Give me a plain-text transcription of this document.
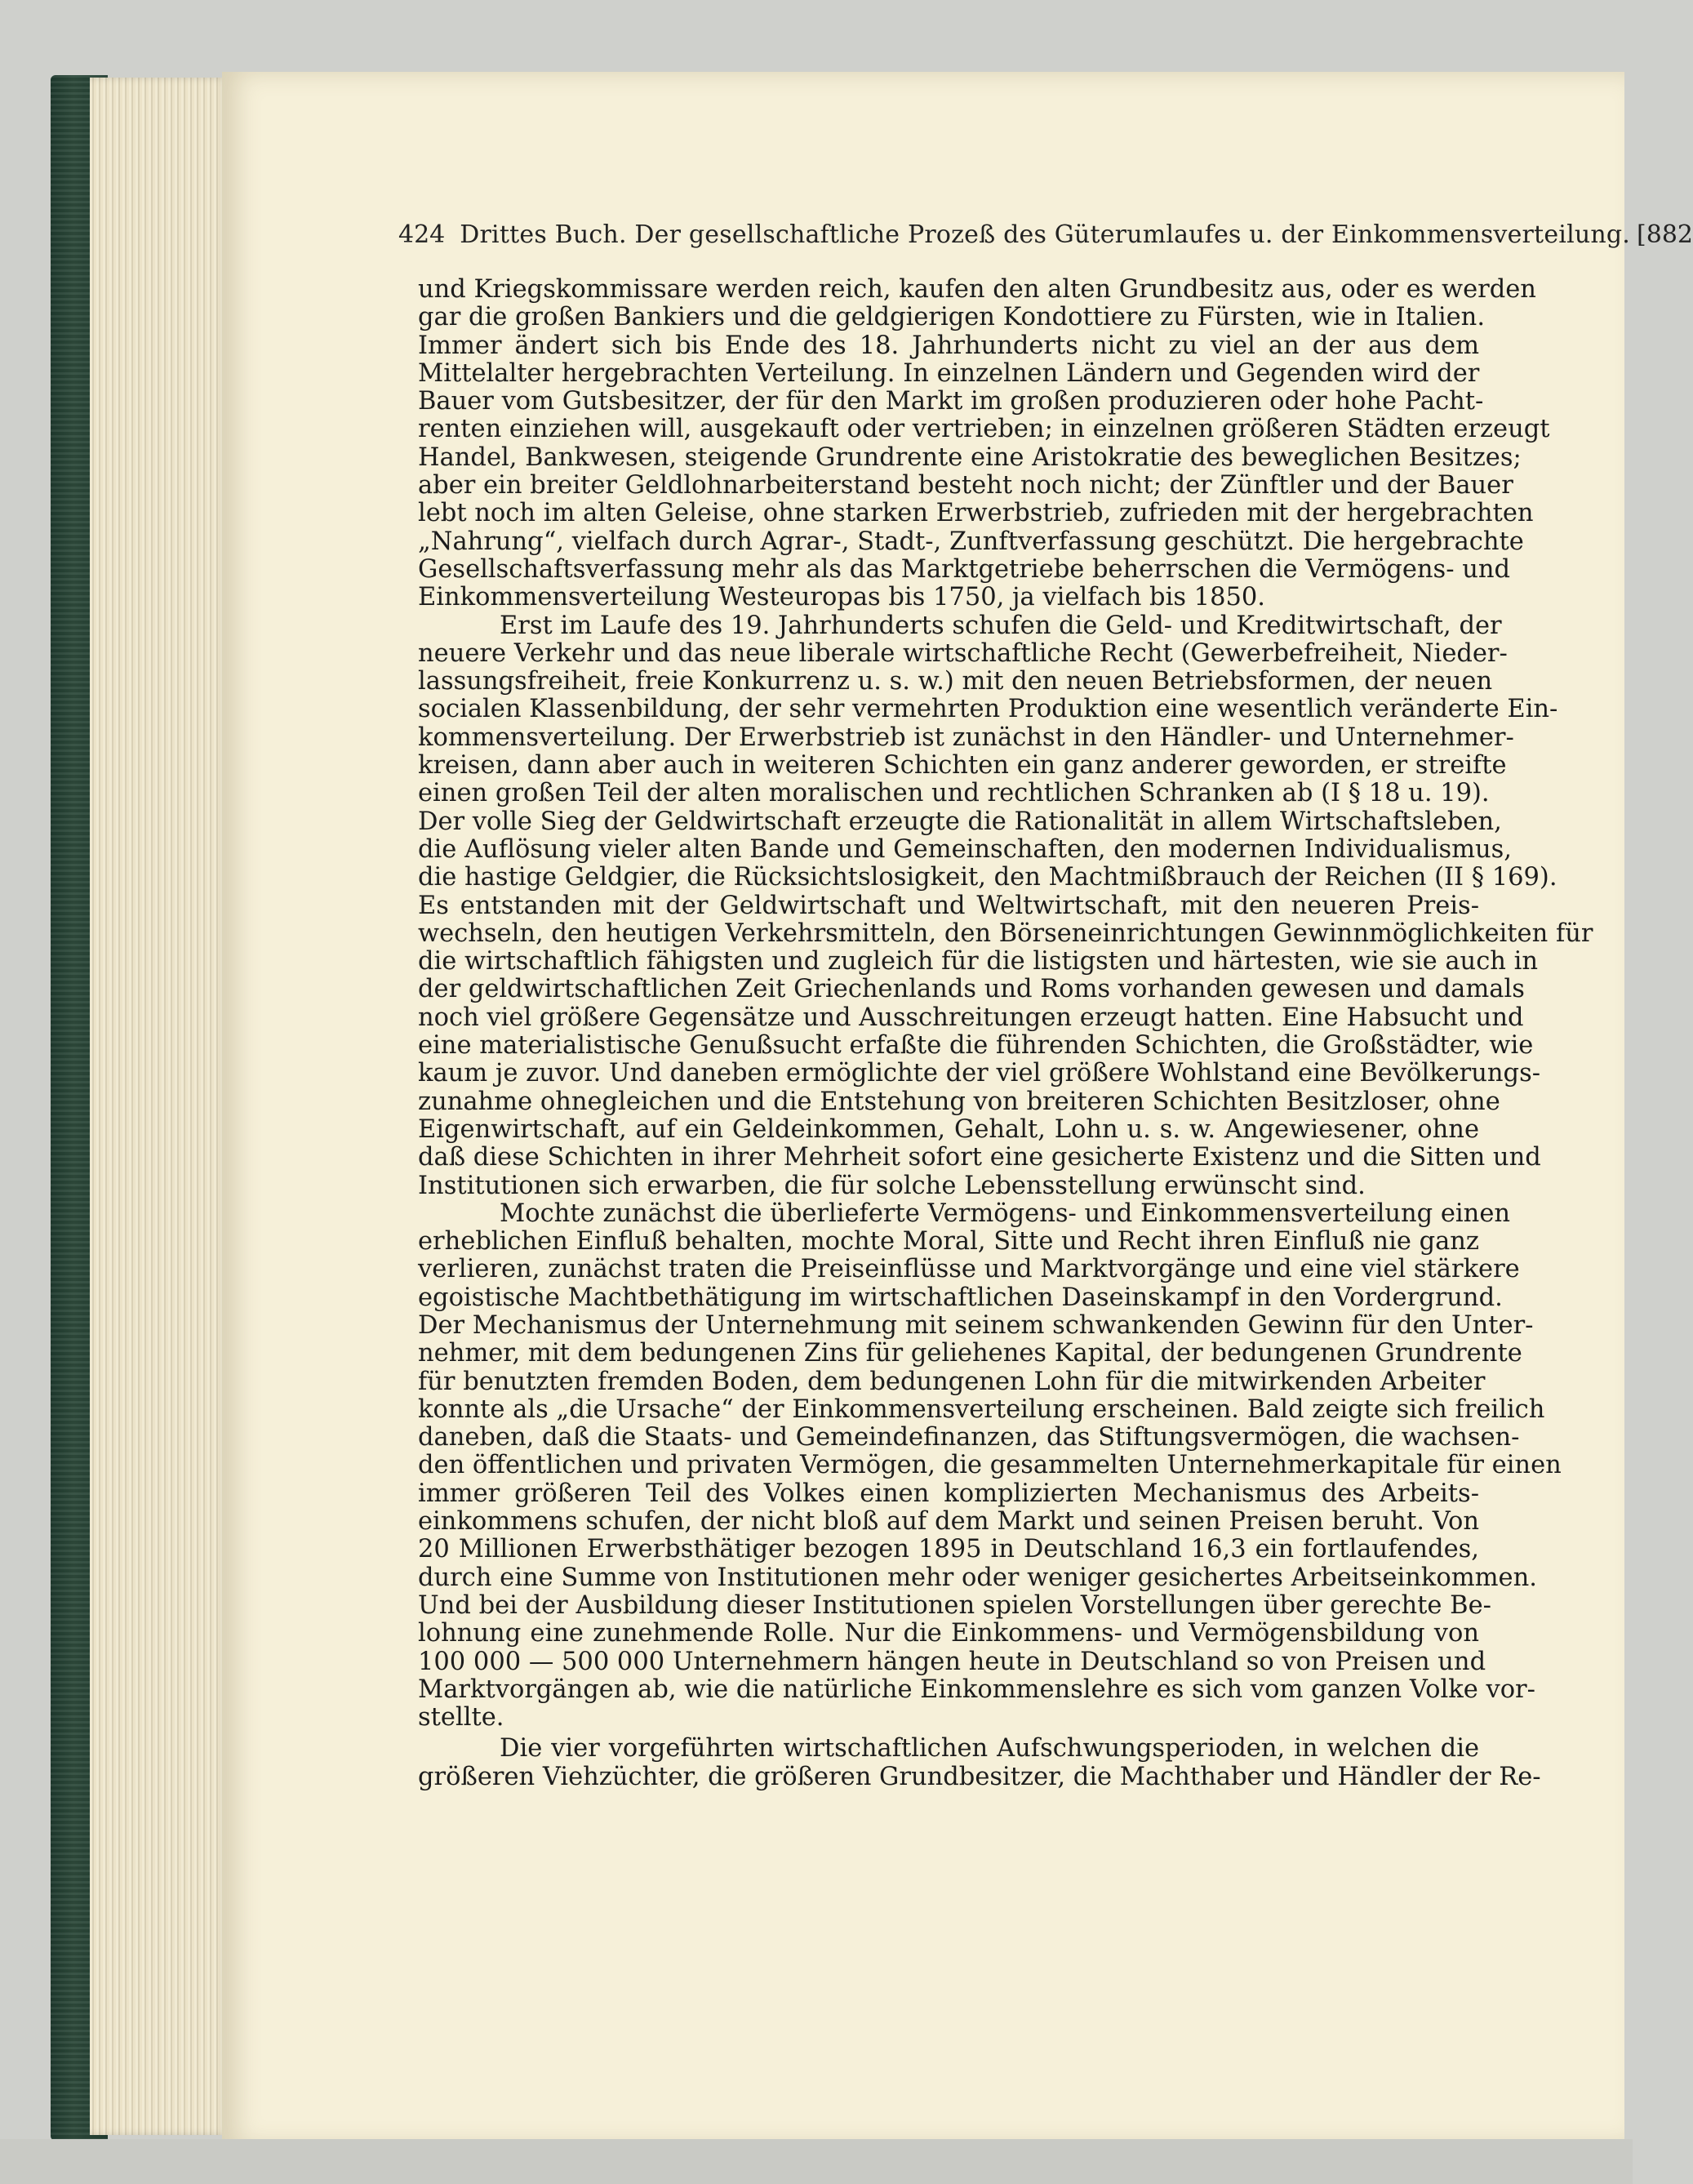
424 Drittes Buch. Der gesellschaftliche Prozeß des Güterumlaufes u. der Einkommensverteilung. [882
und Kriegskommissare werden reich, kaufen den alten Grundbesitz aus, oder es werden
gar die großen Bankiers und die geldgierigen Kondottiere zu Fürsten, wie in Italien.
Immer ändert sich bis Ende des 18. Jahrhunderts nicht zu viel an der aus dem
Mittelalter hergebrachten Verteilung. In einzelnen Ländern und Gegenden wird der
Bauer vom Gutsbesitzer, der für den Markt im großen produzieren oder hohe Pacht-
renten einziehen will, ausgekauft oder vertrieben; in einzelnen größeren Städten erzeugt
Handel, Bankwesen, steigende Grundrente eine Aristokratie des beweglichen Besitzes;
aber ein breiter Geldlohnarbeiterstand besteht noch nicht; der Zünftler und der Bauer
lebt noch im alten Geleise, ohne starken Erwerbstrieb, zufrieden mit der hergebrachten
„Nahrung“, vielfach durch Agrar-, Stadt-, Zunftverfassung geschützt. Die hergebrachte
Gesellschaftsverfassung mehr als das Marktgetriebe beherrschen die Vermögens- und
Einkommensverteilung Westeuropas bis 1750, ja vielfach bis 1850.
Erst im Laufe des 19. Jahrhunderts schufen die Geld- und Kreditwirtschaft, der
neuere Verkehr und das neue liberale wirtschaftliche Recht (Gewerbefreiheit, Nieder-
lassungsfreiheit, freie Konkurrenz u. s. w.) mit den neuen Betriebsformen, der neuen
socialen Klassenbildung, der sehr vermehrten Produktion eine wesentlich veränderte Ein-
kommensverteilung. Der Erwerbstrieb ist zunächst in den Händler- und Unternehmer-
kreisen, dann aber auch in weiteren Schichten ein ganz anderer geworden, er streifte
einen großen Teil der alten moralischen und rechtlichen Schranken ab (I § 18 u. 19).
Der volle Sieg der Geldwirtschaft erzeugte die Rationalität in allem Wirtschaftsleben,
die Auflösung vieler alten Bande und Gemeinschaften, den modernen Individualismus,
die hastige Geldgier, die Rücksichtslosigkeit, den Machtmißbrauch der Reichen (II § 169).
Es entstanden mit der Geldwirtschaft und Weltwirtschaft, mit den neueren Preis-
wechseln, den heutigen Verkehrsmitteln, den Börseneinrichtungen Gewinnmöglichkeiten für
die wirtschaftlich fähigsten und zugleich für die listigsten und härtesten, wie sie auch in
der geldwirtschaftlichen Zeit Griechenlands und Roms vorhanden gewesen und damals
noch viel größere Gegensätze und Ausschreitungen erzeugt hatten. Eine Habsucht und
eine materialistische Genußsucht erfaßte die führenden Schichten, die Großstädter, wie
kaum je zuvor. Und daneben ermöglichte der viel größere Wohlstand eine Bevölkerungs-
zunahme ohnegleichen und die Entstehung von breiteren Schichten Besitzloser, ohne
Eigenwirtschaft, auf ein Geldeinkommen, Gehalt, Lohn u. s. w. Angewiesener, ohne
daß diese Schichten in ihrer Mehrheit sofort eine gesicherte Existenz und die Sitten und
Institutionen sich erwarben, die für solche Lebensstellung erwünscht sind.
Mochte zunächst die überlieferte Vermögens- und Einkommensverteilung einen
erheblichen Einfluß behalten, mochte Moral, Sitte und Recht ihren Einfluß nie ganz
verlieren, zunächst traten die Preiseinflüsse und Marktvorgänge und eine viel stärkere
egoistische Machtbethätigung im wirtschaftlichen Daseinskampf in den Vordergrund.
Der Mechanismus der Unternehmung mit seinem schwankenden Gewinn für den Unter-
nehmer, mit dem bedungenen Zins für geliehenes Kapital, der bedungenen Grundrente
für benutzten fremden Boden, dem bedungenen Lohn für die mitwirkenden Arbeiter
konnte als „die Ursache“ der Einkommensverteilung erscheinen. Bald zeigte sich freilich
daneben, daß die Staats- und Gemeindefinanzen, das Stiftungsvermögen, die wachsen-
den öffentlichen und privaten Vermögen, die gesammelten Unternehmerkapitale für einen
immer größeren Teil des Volkes einen komplizierten Mechanismus des Arbeits-
einkommens schufen, der nicht bloß auf dem Markt und seinen Preisen beruht. Von
20 Millionen Erwerbsthätiger bezogen 1895 in Deutschland 16,3 ein fortlaufendes,
durch eine Summe von Institutionen mehr oder weniger gesichertes Arbeitseinkommen.
Und bei der Ausbildung dieser Institutionen spielen Vorstellungen über gerechte Be-
lohnung eine zunehmende Rolle. Nur die Einkommens- und Vermögensbildung von
100 000 — 500 000 Unternehmern hängen heute in Deutschland so von Preisen und
Marktvorgängen ab, wie die natürliche Einkommenslehre es sich vom ganzen Volke vor-
stellte.
Die vier vorgeführten wirtschaftlichen Aufschwungsperioden, in welchen die
größeren Viehzüchter, die größeren Grundbesitzer, die Machthaber und Händler der Re-
